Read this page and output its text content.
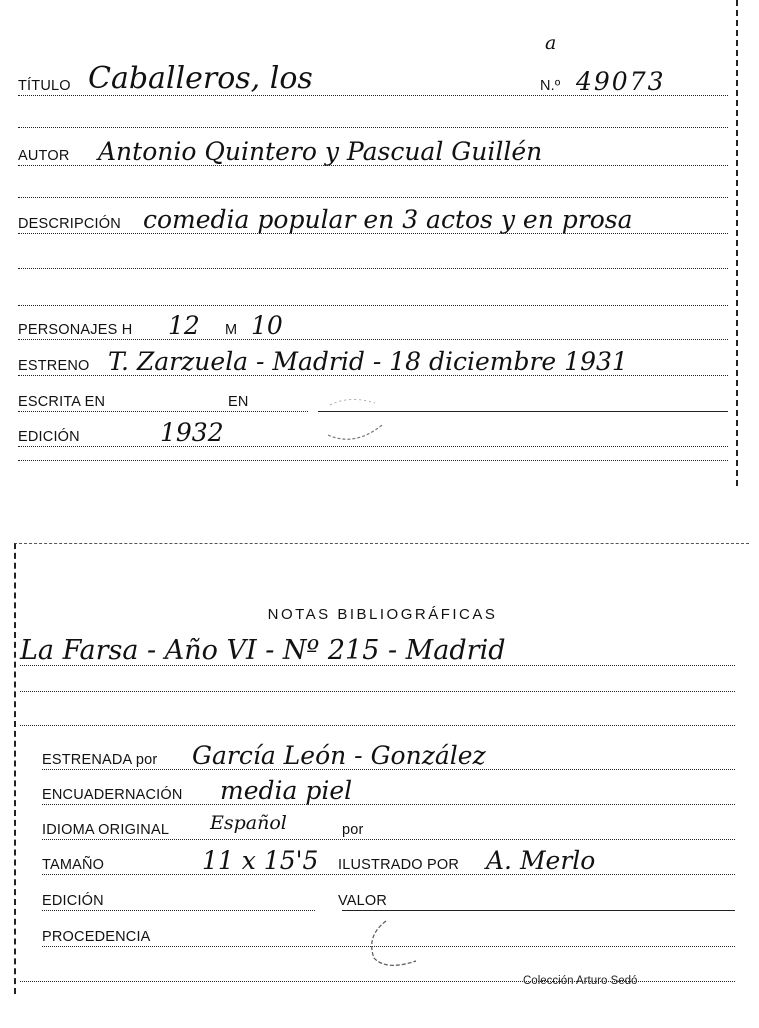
TÍTULO Caballeros, los	N.º 49073
a
AUTOR Antonio Quintero y Pascual Guillén
DESCRIPCIÓN comedia popular en 3 actos y en prosa
PERSONAJES H 12 M 10
ESTRENO T. Zarzuela - Madrid - 18 diciembre 1931
ESCRITA EN	EN
EDICIÓN	1932
NOTAS BIBLIOGRÁFICAS
La Farsa - Año VI - Nº 215 - Madrid
ESTRENADA por García León - González
ENCUADERNACIÓN media piel
IDIOMA ORIGINAL Español	por
TAMAÑO	11 x 15'5 ILUSTRADO POR A. Merlo
EDICIÓN	VALOR
PROCEDENCIA
Colección Arturo Sedó
